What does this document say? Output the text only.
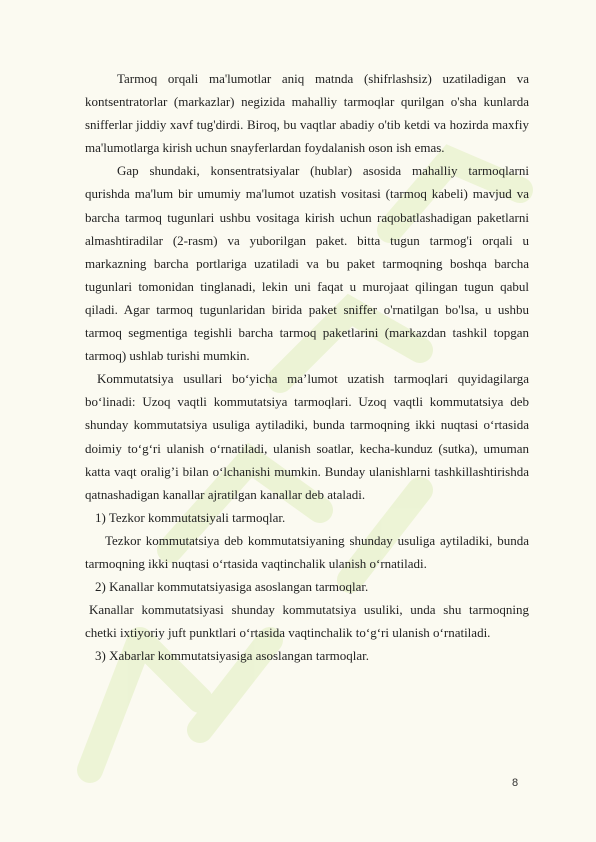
Tarmoq orqali ma'lumotlar aniq matnda (shifrlashsiz) uzatiladigan va kontsentratorlar (markazlar) negizida mahalliy tarmoqlar qurilgan o'sha kunlarda snifferlar jiddiy xavf tug'dirdi. Biroq, bu vaqtlar abadiy o'tib ketdi va hozirda maxfiy ma'lumotlarga kirish uchun snayferlardan foydalanish oson ish emas.

Gap shundaki, konsentratsiyalar (hublar) asosida mahalliy tarmoqlarni qurishda ma'lum bir umumiy ma'lumot uzatish vositasi (tarmoq kabeli) mavjud va barcha tarmoq tugunlari ushbu vositaga kirish uchun raqobatlashadigan paketlarni almashtiradilar (2-rasm) va yuborilgan paket. bitta tugun tarmog'i orqali u markazning barcha portlariga uzatiladi va bu paket tarmoqning boshqa barcha tugunlari tomonidan tinglanadi, lekin uni faqat u murojaat qilingan tugun qabul qiladi. Agar tarmoq tugunlaridan birida paket sniffer o'rnatilgan bo'lsa, u ushbu tarmoq segmentiga tegishli barcha tarmoq paketlarini (markazdan tashkil topgan tarmoq) ushlab turishi mumkin.

Kommutatsiya usullari bo‘yicha ma’lumot uzatish tarmoqlari quyidagilarga bo‘linadi: Uzoq vaqtli kommutatsiya tarmoqlari. Uzoq vaqtli kommutatsiya deb shunday kommutatsiya usuliga aytiladiki, bunda tarmoqning ikki nuqtasi o‘rtasida doimiy to‘g‘ri ulanish o‘rnatiladi, ulanish soatlar, kecha-kunduz (sutka), umuman katta vaqt oralig’i bilan o‘lchanishi mumkin. Bunday ulanishlarni tashkillashtirishda qatnashadigan kanallar ajratilgan kanallar deb ataladi.

1) Tezkor kommutatsiyali tarmoqlar.

Tezkor kommutatsiya deb kommutatsiyaning shunday usuliga aytiladiki, bunda tarmoqning ikki nuqtasi o‘rtasida vaqtinchalik ulanish o‘rnatiladi.

2) Kanallar kommutatsiyasiga asoslangan tarmoqlar.

Kanallar kommutatsiyasi shunday kommutatsiya usuliki, unda shu tarmoqning chetki ixtiyoriy juft punktlari o‘rtasida vaqtinchalik to‘g‘ri ulanish o‘rnatiladi.

3) Xabarlar kommutatsiyasiga asoslangan tarmoqlar.

8
